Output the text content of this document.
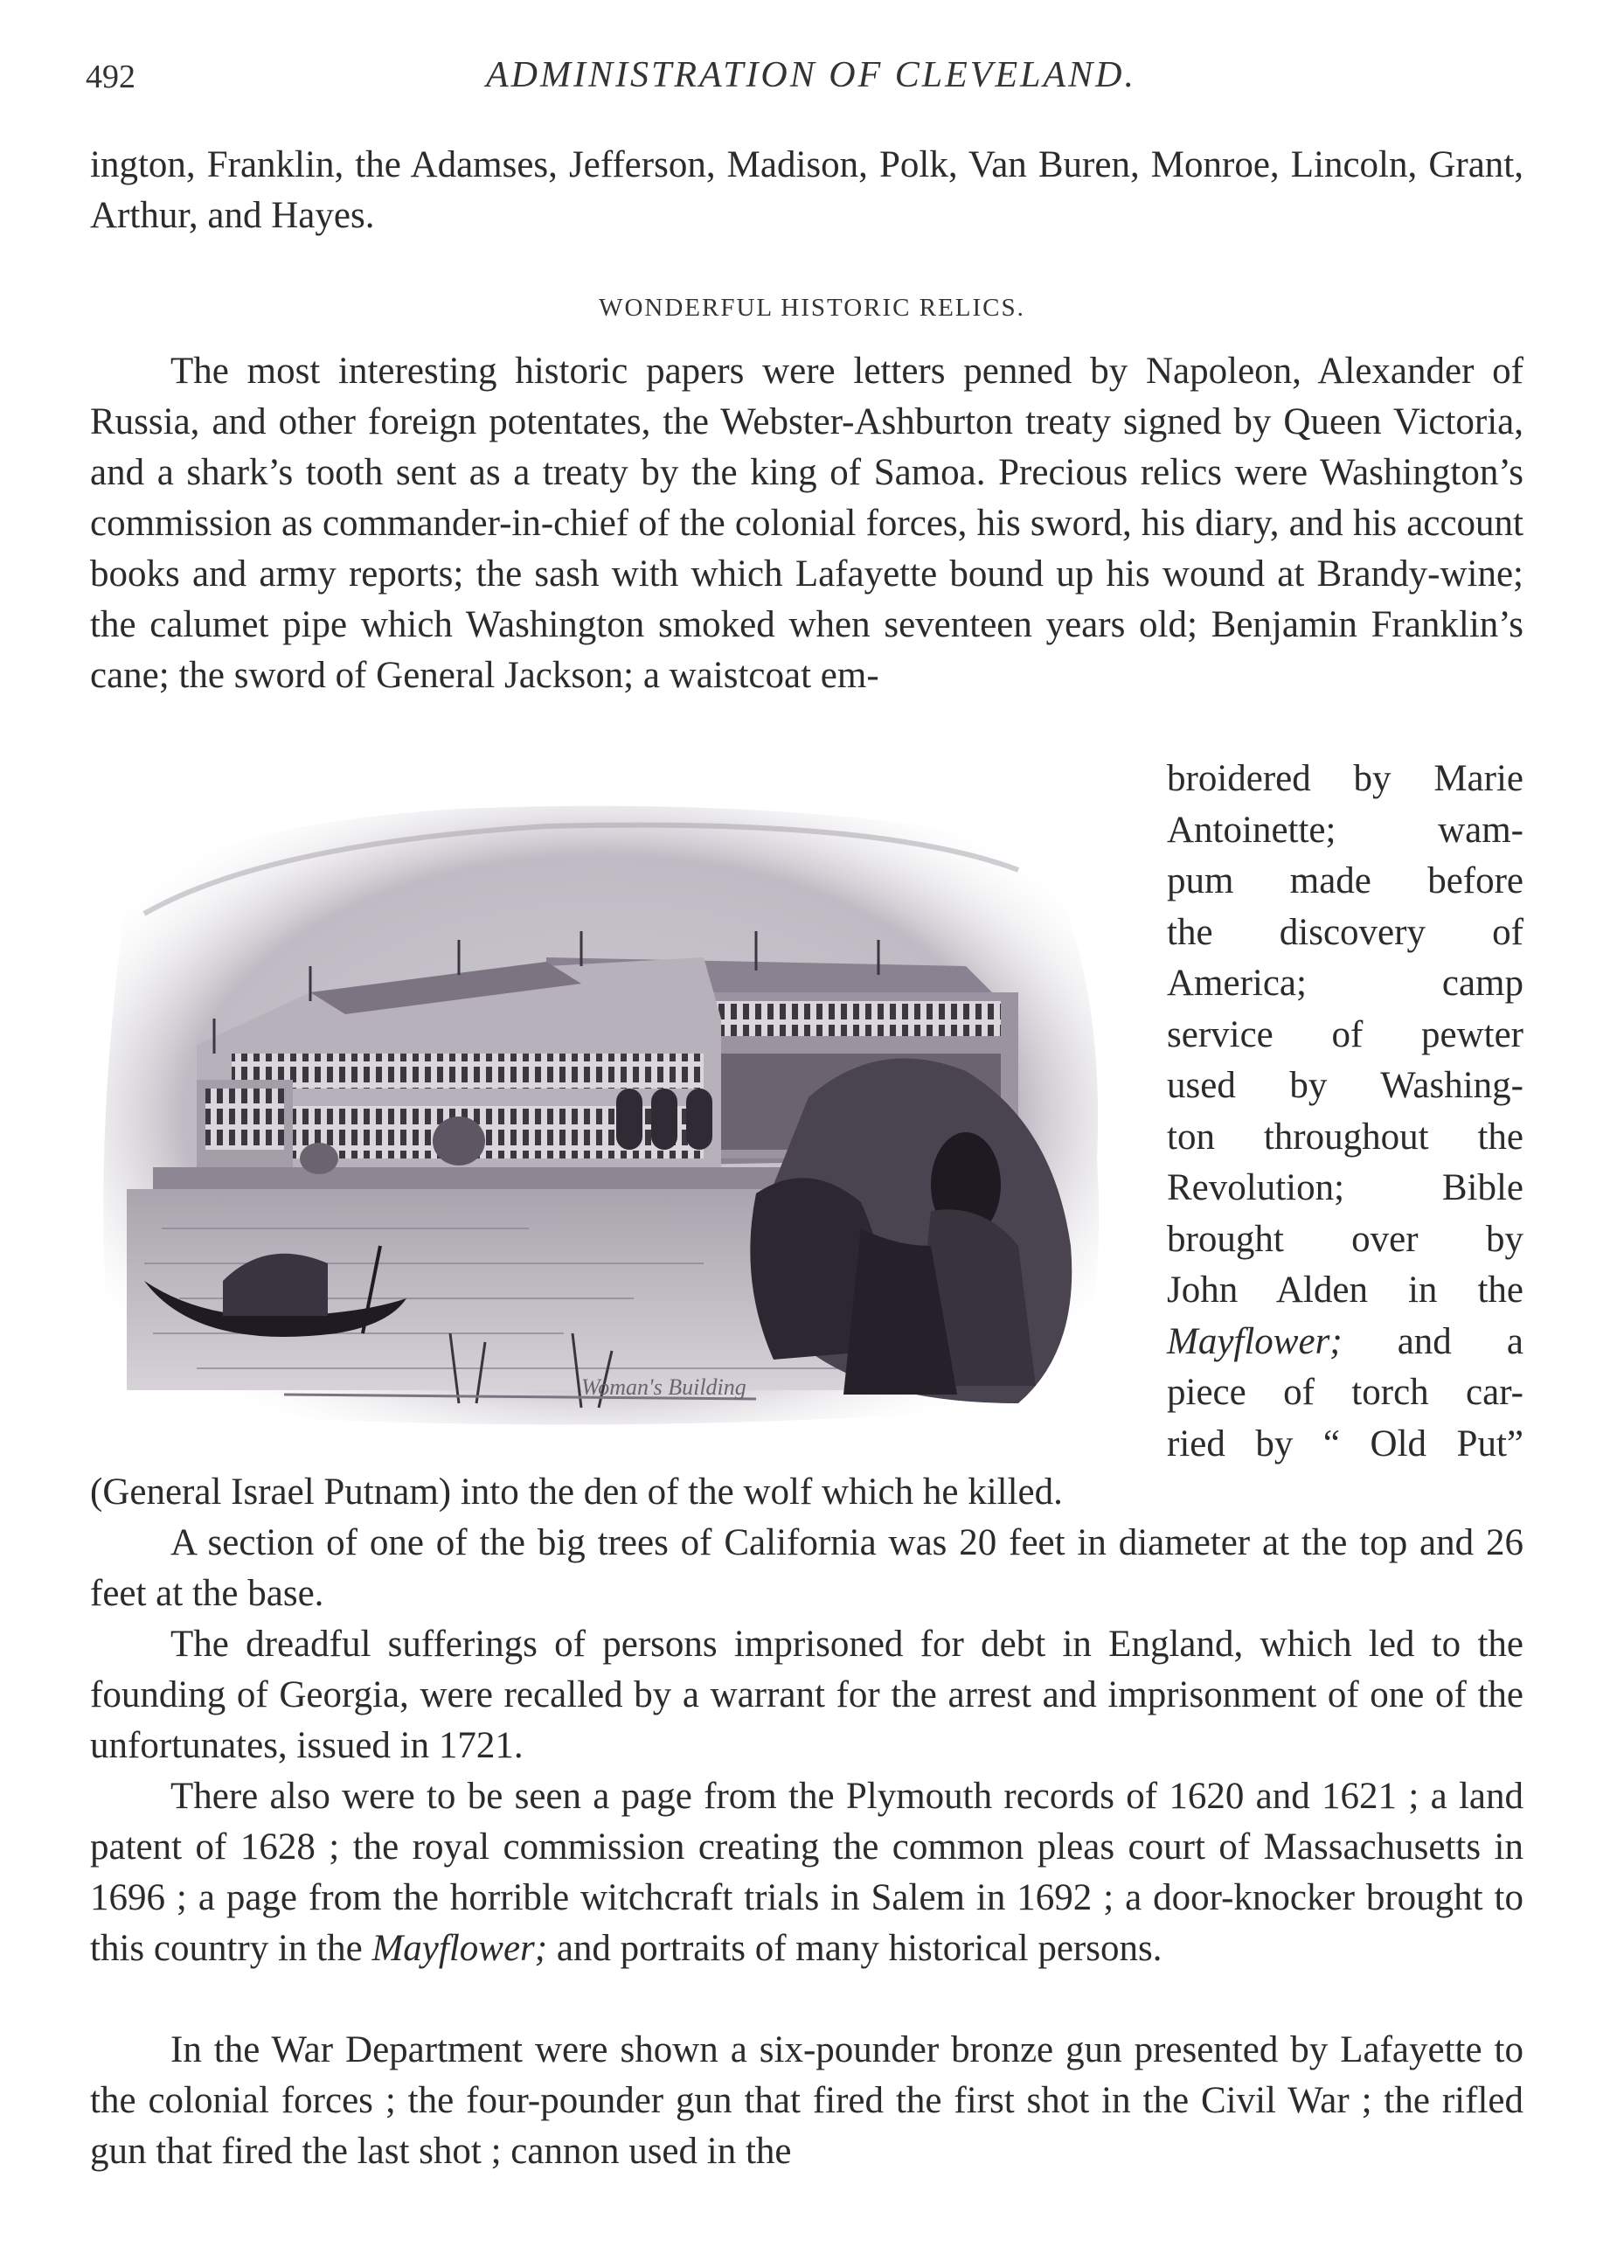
492	ADMINISTRATION OF CLEVELAND.
ington, Franklin, the Adamses, Jefferson, Madison, Polk, Van Buren, Monroe, Lincoln, Grant, Arthur, and Hayes.
WONDERFUL HISTORIC RELICS.
The most interesting historic papers were letters penned by Napoleon, Alexander of Russia, and other foreign potentates, the Webster-Ashburton treaty signed by Queen Victoria, and a shark’s tooth sent as a treaty by the king of Samoa. Precious relics were Washington’s commission as commander-in-chief of the colonial forces, his sword, his diary, and his account books and army reports; the sash with which Lafayette bound up his wound at Brandy-wine; the calumet pipe which Washington smoked when seventeen years old; Benjamin Franklin’s cane; the sword of General Jackson; a waistcoat em-
broidered by Marie
Antoinette; wam-
pum made before
the discovery of
America; camp
service of pewter
used by Washing-
ton throughout the
Revolution; Bible
brought over by
John Alden in the
Mayflower; and a
piece of torch car-
ried by “ Old Put”
Woman's Building
(General Israel Putnam) into the den of the wolf which he killed.
A section of one of the big trees of California was 20 feet in diameter at the top and 26 feet at the base.
The dreadful sufferings of persons imprisoned for debt in England, which led to the founding of Georgia, were recalled by a warrant for the arrest and imprisonment of one of the unfortunates, issued in 1721.
There also were to be seen a page from the Plymouth records of 1620 and 1621 ; a land patent of 1628 ; the royal commission creating the common pleas court of Massachusetts in 1696 ; a page from the horrible witchcraft trials in Salem in 1692 ; a door-knocker brought to this country in the Mayflower; and portraits of many historical persons.
In the War Department were shown a six-pounder bronze gun presented by Lafayette to the colonial forces ; the four-pounder gun that fired the first shot in the Civil War ; the rifled gun that fired the last shot ; cannon used in the
